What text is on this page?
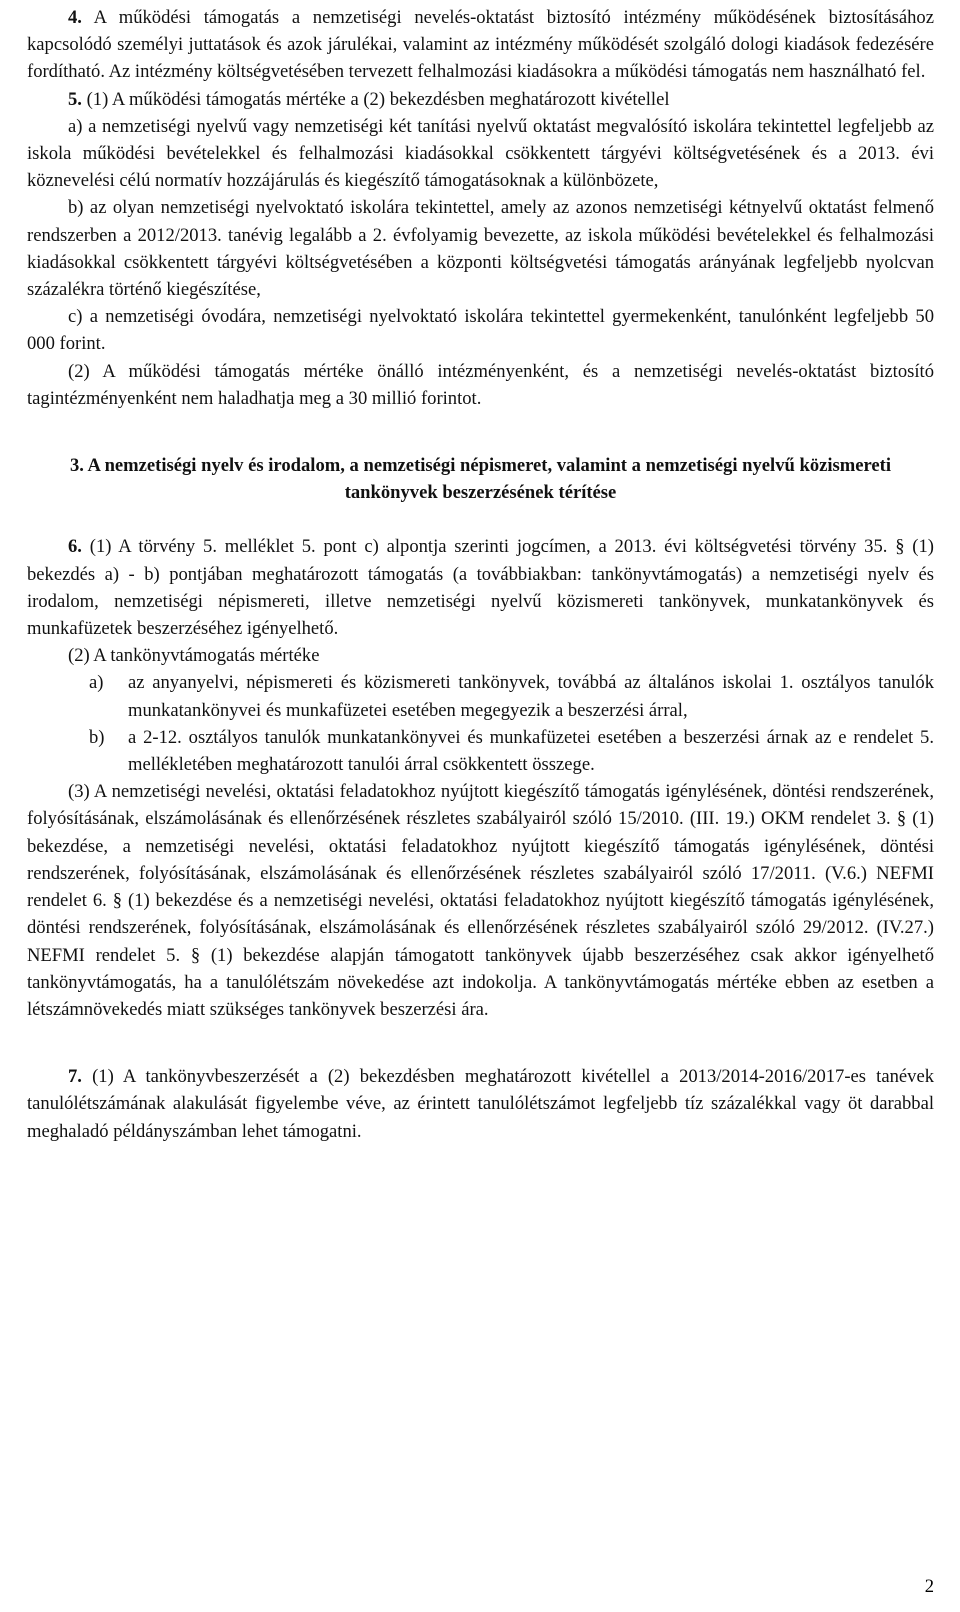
4. A működési támogatás a nemzetiségi nevelés-oktatást biztosító intézmény működésének biztosításához kapcsolódó személyi juttatások és azok járulékai, valamint az intézmény működését szolgáló dologi kiadások fedezésére fordítható. Az intézmény költségvetésében tervezett felhalmozási kiadásokra a működési támogatás nem használható fel.

5. (1) A működési támogatás mértéke a (2) bekezdésben meghatározott kivétellel

a) a nemzetiségi nyelvű vagy nemzetiségi két tanítási nyelvű oktatást megvalósító iskolára tekintettel legfeljebb az iskola működési bevételekkel és felhalmozási kiadásokkal csökkentett tárgyévi költségvetésének és a 2013. évi köznevelési célú normatív hozzájárulás és kiegészítő támogatásoknak a különbözete,

b) az olyan nemzetiségi nyelvoktató iskolára tekintettel, amely az azonos nemzetiségi kétnyelvű oktatást felmenő rendszerben a 2012/2013. tanévig legalább a 2. évfolyamig bevezette, az iskola működési bevételekkel és felhalmozási kiadásokkal csökkentett tárgyévi költségvetésében a központi költségvetési támogatás arányának legfeljebb nyolcvan százalékra történő kiegészítése,

c) a nemzetiségi óvodára, nemzetiségi nyelvoktató iskolára tekintettel gyermekenként, tanulónként legfeljebb 50 000 forint.

(2) A működési támogatás mértéke önálló intézményenként, és a nemzetiségi nevelés-oktatást biztosító tagintézményenként nem haladhatja meg a 30 millió forintot.

3. A nemzetiségi nyelv és irodalom, a nemzetiségi népismeret, valamint a nemzetiségi nyelvű közismereti tankönyvek beszerzésének térítése

6. (1) A törvény 5. melléklet 5. pont c) alpontja szerinti jogcímen, a 2013. évi költségvetési törvény 35. § (1) bekezdés a) - b) pontjában meghatározott támogatás (a továbbiakban: tankönyvtámogatás) a nemzetiségi nyelv és irodalom, nemzetiségi népismereti, illetve nemzetiségi nyelvű közismereti tankönyvek, munkatankönyvek és munkafüzetek beszerzéséhez igényelhető.

(2) A tankönyvtámogatás mértéke

a)	az anyanyelvi, népismereti és közismereti tankönyvek, továbbá az általános iskolai 1. osztályos tanulók munkatankönyvei és munkafüzetei esetében megegyezik a beszerzési árral,
b)	a 2-12. osztályos tanulók munkatankönyvei és munkafüzetei esetében a beszerzési árnak az e rendelet 5. mellékletében meghatározott tanulói árral csökkentett összege.

(3) A nemzetiségi nevelési, oktatási feladatokhoz nyújtott kiegészítő támogatás igénylésének, döntési rendszerének, folyósításának, elszámolásának és ellenőrzésének részletes szabályairól szóló 15/2010. (III. 19.) OKM rendelet 3. § (1) bekezdése, a nemzetiségi nevelési, oktatási feladatokhoz nyújtott kiegészítő támogatás igénylésének, döntési rendszerének, folyósításának, elszámolásának és ellenőrzésének részletes szabályairól szóló 17/2011. (V.6.) NEFMI rendelet 6. § (1) bekezdése és a nemzetiségi nevelési, oktatási feladatokhoz nyújtott kiegészítő támogatás igénylésének, döntési rendszerének, folyósításának, elszámolásának és ellenőrzésének részletes szabályairól szóló 29/2012. (IV.27.) NEFMI rendelet 5. § (1) bekezdése alapján támogatott tankönyvek újabb beszerzéséhez csak akkor igényelhető tankönyvtámogatás, ha a tanulólétszám növekedése azt indokolja. A tankönyvtámogatás mértéke ebben az esetben a létszámnövekedés miatt szükséges tankönyvek beszerzési ára.

7. (1) A tankönyvbeszerzését a (2) bekezdésben meghatározott kivétellel a 2013/2014-2016/2017-es tanévek tanulólétszámának alakulását figyelembe véve, az érintett tanulólétszámot legfeljebb tíz százalékkal vagy öt darabbal meghaladó példányszámban lehet támogatni.

2
